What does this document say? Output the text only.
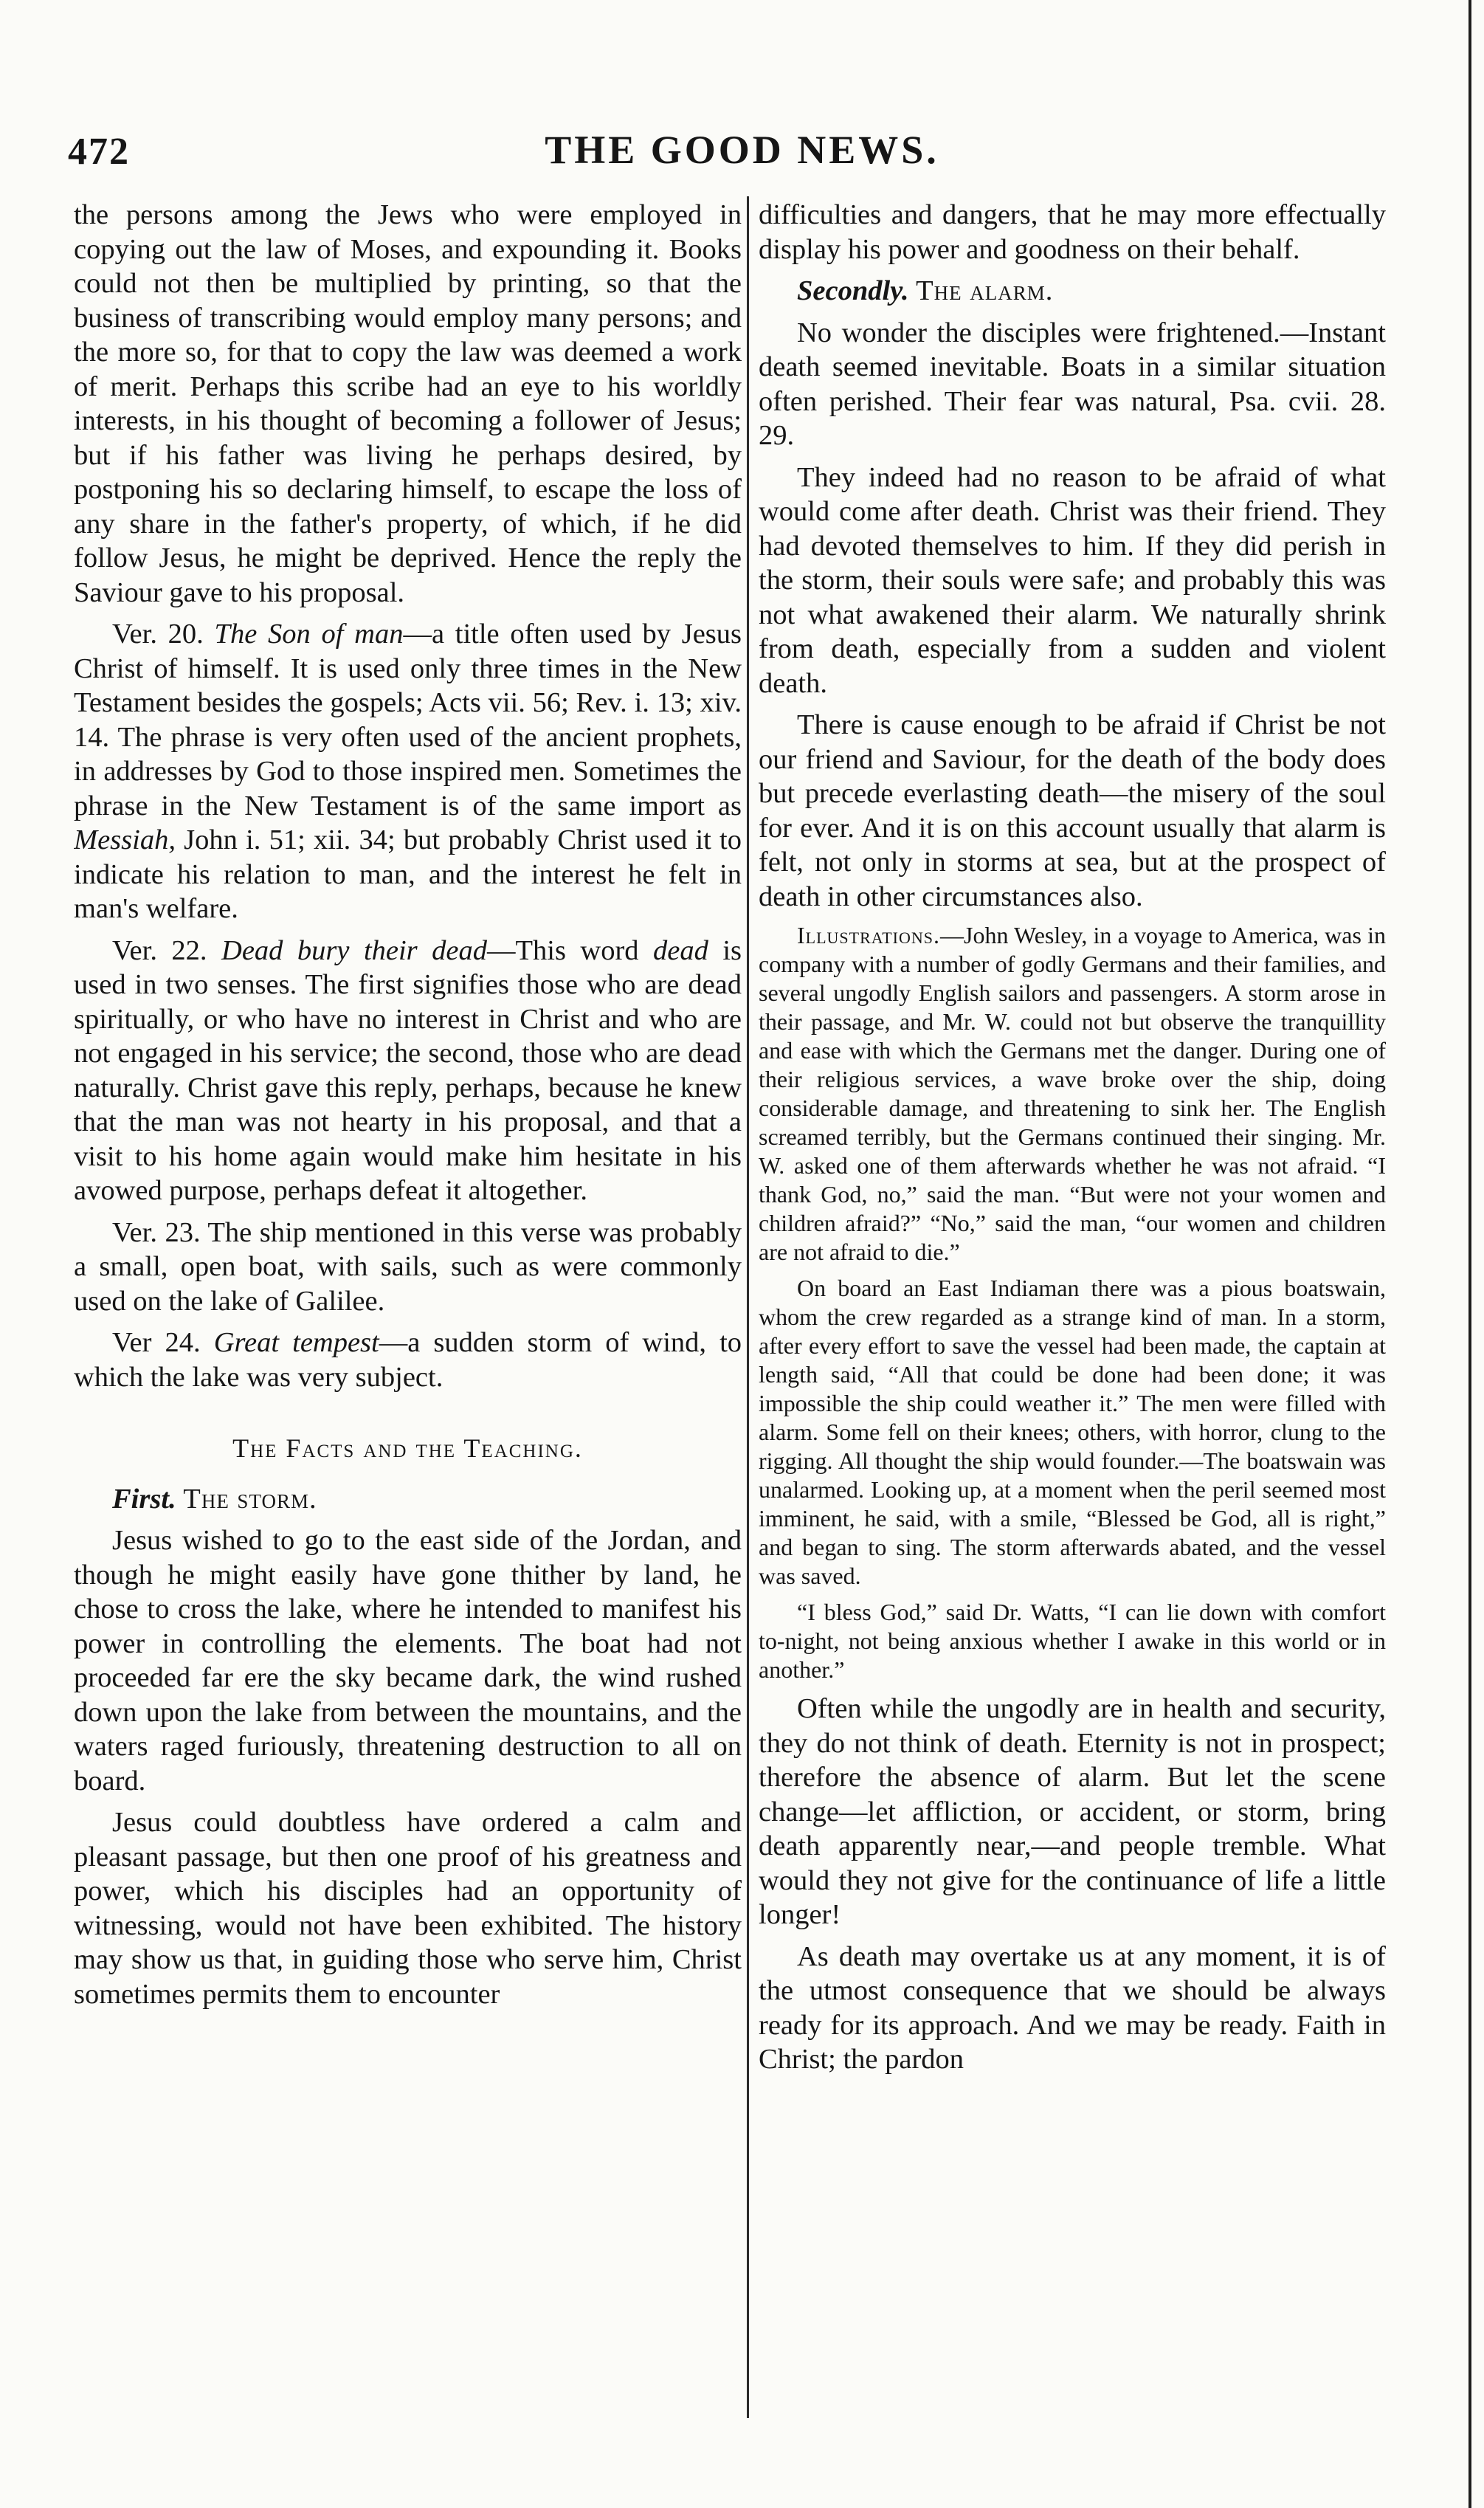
472	THE GOOD NEWS.

the persons among the Jews who were employed in copying out the law of Moses, and expounding it. Books could not then be multiplied by printing, so that the business of transcribing would employ many persons; and the more so, for that to copy the law was deemed a work of merit. Perhaps this scribe had an eye to his worldly interests, in his thought of becoming a follower of Jesus; but if his father was living he perhaps desired, by postponing his so declaring himself, to escape the loss of any share in the father's property, of which, if he did follow Jesus, he might be deprived. Hence the reply the Saviour gave to his proposal.

Ver. 20. The Son of man—a title often used by Jesus Christ of himself. It is used only three times in the New Testament besides the gospels; Acts vii. 56; Rev. i. 13; xiv. 14. The phrase is very often used of the ancient prophets, in addresses by God to those inspired men. Sometimes the phrase in the New Testament is of the same import as Messiah, John i. 51; xii. 34; but probably Christ used it to indicate his relation to man, and the interest he felt in man's welfare.

Ver. 22. Dead bury their dead—This word dead is used in two senses. The first signifies those who are dead spiritually, or who have no interest in Christ and who are not engaged in his service; the second, those who are dead naturally. Christ gave this reply, perhaps, because he knew that the man was not hearty in his proposal, and that a visit to his home again would make him hesitate in his avowed purpose, perhaps defeat it altogether.

Ver. 23. The ship mentioned in this verse was probably a small, open boat, with sails, such as were commonly used on the lake of Galilee.

Ver 24. Great tempest—a sudden storm of wind, to which the lake was very subject.

The Facts and the Teaching.

First. The storm.

Jesus wished to go to the east side of the Jordan, and though he might easily have gone thither by land, he chose to cross the lake, where he intended to manifest his power in controlling the elements. The boat had not proceeded far ere the sky became dark, the wind rushed down upon the lake from between the mountains, and the waters raged furiously, threatening destruction to all on board.

Jesus could doubtless have ordered a calm and pleasant passage, but then one proof of his greatness and power, which his disciples had an opportunity of witnessing, would not have been exhibited. The history may show us that, in guiding those who serve him, Christ sometimes permits them to encounter

difficulties and dangers, that he may more effectually display his power and goodness on their behalf.

Secondly. The alarm.

No wonder the disciples were frightened.—Instant death seemed inevitable. Boats in a similar situation often perished. Their fear was natural, Psa. cvii. 28. 29.

They indeed had no reason to be afraid of what would come after death. Christ was their friend. They had devoted themselves to him. If they did perish in the storm, their souls were safe; and probably this was not what awakened their alarm. We naturally shrink from death, especially from a sudden and violent death.

There is cause enough to be afraid if Christ be not our friend and Saviour, for the death of the body does but precede everlasting death—the misery of the soul for ever. And it is on this account usually that alarm is felt, not only in storms at sea, but at the prospect of death in other circumstances also.

Illustrations.—John Wesley, in a voyage to America, was in company with a number of godly Germans and their families, and several ungodly English sailors and passengers. A storm arose in their passage, and Mr. W. could not but observe the tranquillity and ease with which the Germans met the danger. During one of their religious services, a wave broke over the ship, doing considerable damage, and threatening to sink her. The English screamed terribly, but the Germans continued their singing. Mr. W. asked one of them afterwards whether he was not afraid. “I thank God, no,” said the man. “But were not your women and children afraid?” “No,” said the man, “our women and children are not afraid to die.”

On board an East Indiaman there was a pious boatswain, whom the crew regarded as a strange kind of man. In a storm, after every effort to save the vessel had been made, the captain at length said, “All that could be done had been done; it was impossible the ship could weather it.” The men were filled with alarm. Some fell on their knees; others, with horror, clung to the rigging. All thought the ship would founder.—The boatswain was unalarmed. Looking up, at a moment when the peril seemed most imminent, he said, with a smile, “Blessed be God, all is right,” and began to sing. The storm afterwards abated, and the vessel was saved.

“I bless God,” said Dr. Watts, “I can lie down with comfort to-night, not being anxious whether I awake in this world or in another.”

Often while the ungodly are in health and security, they do not think of death. Eternity is not in prospect; therefore the absence of alarm. But let the scene change—let affliction, or accident, or storm, bring death apparently near,—and people tremble. What would they not give for the continuance of life a little longer!

As death may overtake us at any moment, it is of the utmost consequence that we should be always ready for its approach. And we may be ready. Faith in Christ; the pardon
